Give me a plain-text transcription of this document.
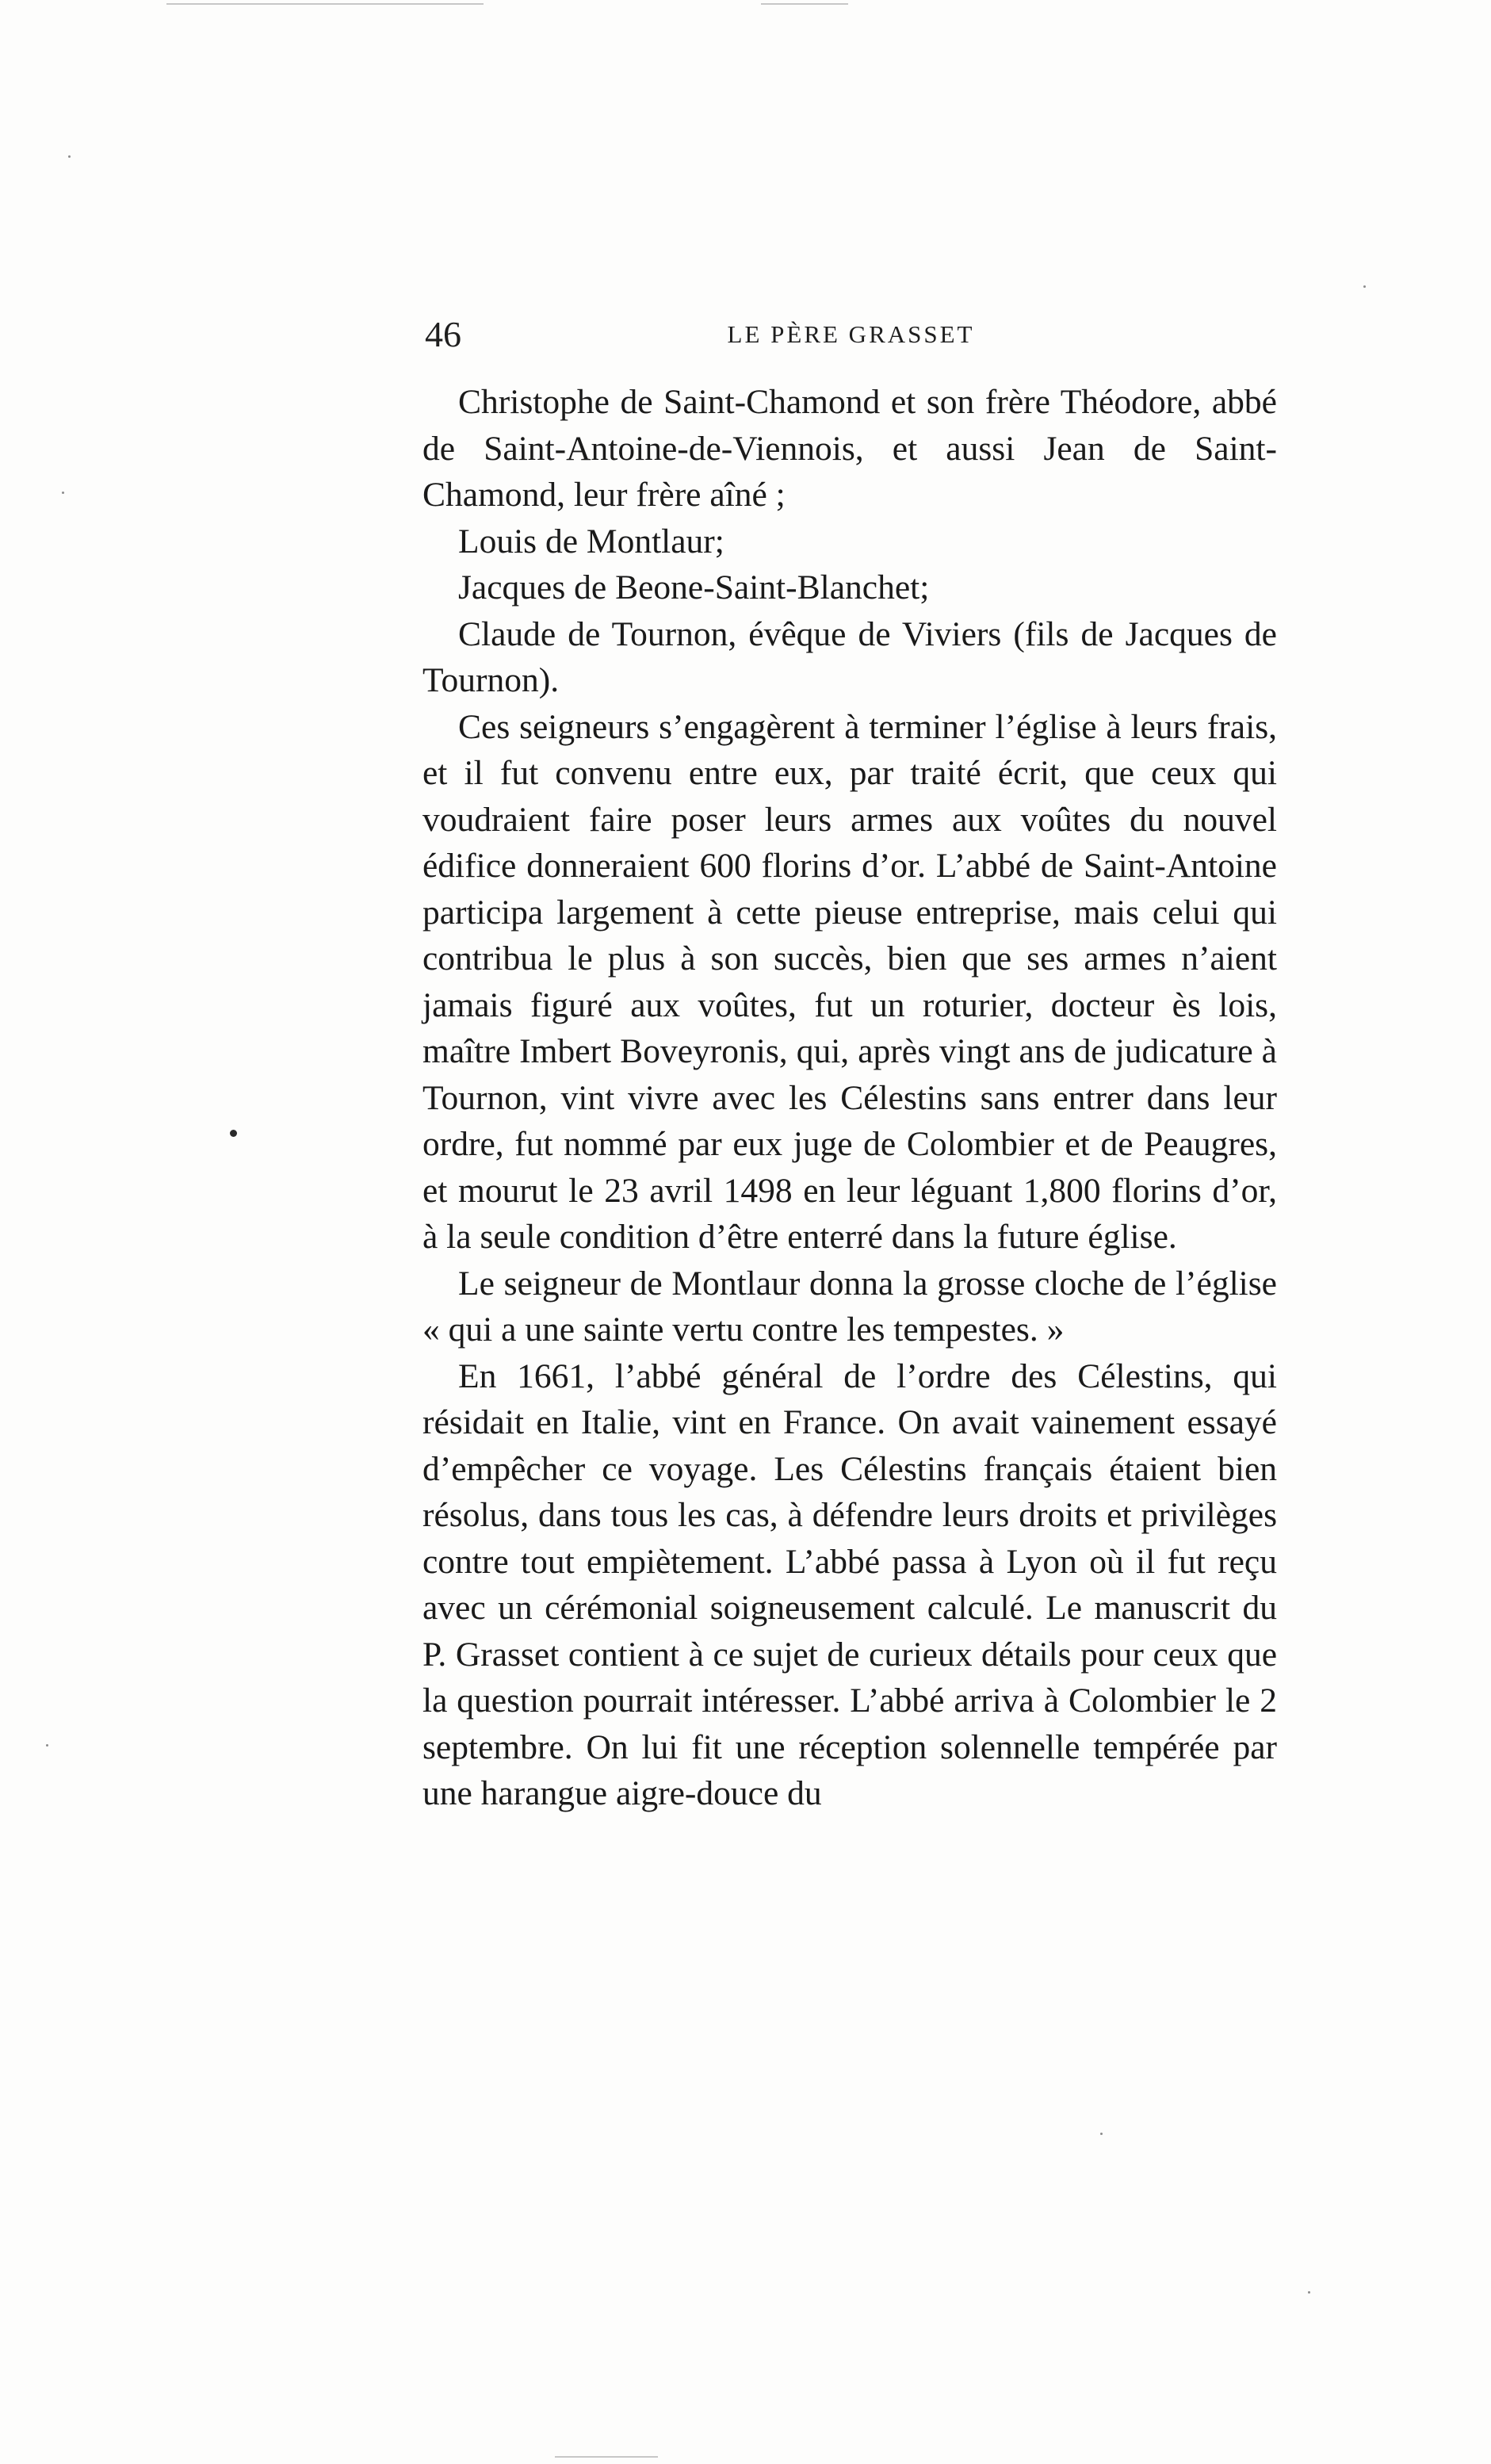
46	LE PÈRE GRASSET

Christophe de Saint-Chamond et son frère Théodore, abbé de Saint-Antoine-de-Viennois, et aussi Jean de Saint-Chamond, leur frère aîné ;

Louis de Montlaur;

Jacques de Beone-Saint-Blanchet;

Claude de Tournon, évêque de Viviers (fils de Jacques de Tournon).

Ces seigneurs s’engagèrent à terminer l’église à leurs frais, et il fut convenu entre eux, par traité écrit, que ceux qui voudraient faire poser leurs armes aux voûtes du nouvel édifice donneraient 600 florins d’or. L’abbé de Saint-Antoine participa largement à cette pieuse entreprise, mais celui qui contribua le plus à son succès, bien que ses armes n’aient jamais figuré aux voûtes, fut un roturier, docteur ès lois, maître Imbert Boveyronis, qui, après vingt ans de judicature à Tournon, vint vivre avec les Célestins sans entrer dans leur ordre, fut nommé par eux juge de Colombier et de Peaugres, et mourut le 23 avril 1498 en leur léguant 1,800 florins d’or, à la seule condition d’être enterré dans la future église.

Le seigneur de Montlaur donna la grosse cloche de l’église « qui a une sainte vertu contre les tempestes. »

En 1661, l’abbé général de l’ordre des Célestins, qui résidait en Italie, vint en France. On avait vainement essayé d’empêcher ce voyage. Les Célestins français étaient bien résolus, dans tous les cas, à défendre leurs droits et privilèges contre tout empiètement. L’abbé passa à Lyon où il fut reçu avec un cérémonial soigneusement calculé. Le manuscrit du P. Grasset contient à ce sujet de curieux détails pour ceux que la question pourrait intéresser. L’abbé arriva à Colombier le 2 septembre. On lui fit une réception solennelle tempérée par une harangue aigre-douce du
